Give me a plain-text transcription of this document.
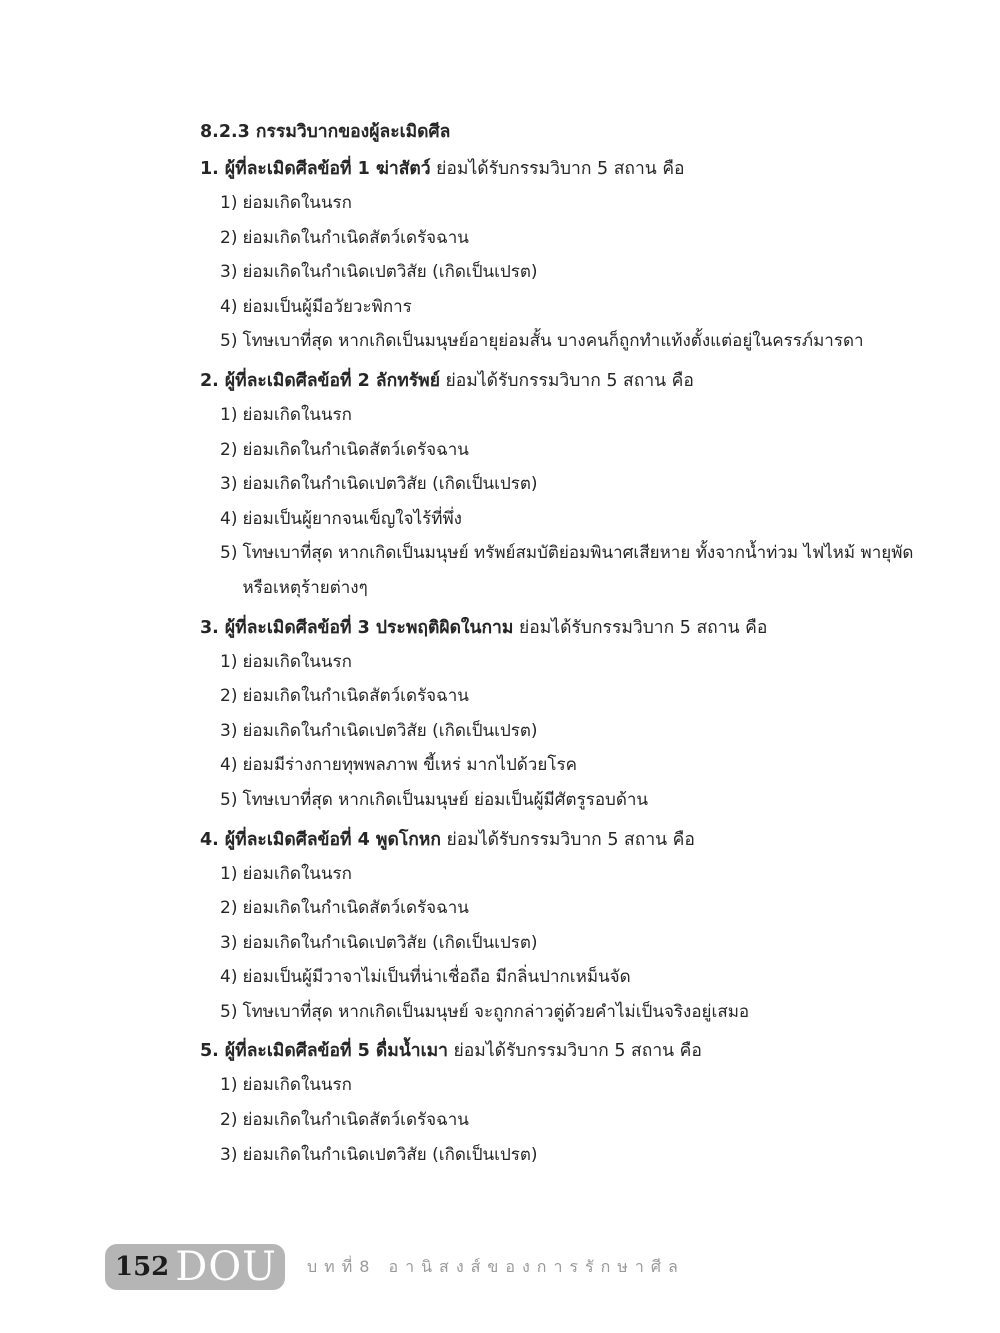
8.2.3 กรรมวิบากของผู้ละเมิดศีล
1. ผู้ที่ละเมิดศีลข้อที่ 1 ฆ่าสัตว์ ย่อมได้รับกรรมวิบาก 5 สถาน คือ
1) ย่อมเกิดในนรก
2) ย่อมเกิดในกำเนิดสัตว์เดรัจฉาน
3) ย่อมเกิดในกำเนิดเปตวิสัย (เกิดเป็นเปรต)
4) ย่อมเป็นผู้มีอวัยวะพิการ
5) โทษเบาที่สุด หากเกิดเป็นมนุษย์อายุย่อมสั้น บางคนก็ถูกทำแท้งตั้งแต่อยู่ในครรภ์มารดา
2. ผู้ที่ละเมิดศีลข้อที่ 2 ลักทรัพย์ ย่อมได้รับกรรมวิบาก 5 สถาน คือ
1) ย่อมเกิดในนรก
2) ย่อมเกิดในกำเนิดสัตว์เดรัจฉาน
3) ย่อมเกิดในกำเนิดเปตวิสัย (เกิดเป็นเปรต)
4) ย่อมเป็นผู้ยากจนเข็ญใจไร้ที่พึ่ง
5) โทษเบาที่สุด หากเกิดเป็นมนุษย์ ทรัพย์สมบัติย่อมพินาศเสียหาย ทั้งจากน้ำท่วม ไฟไหม้ พายุพัด หรือเหตุร้ายต่างๆ
3. ผู้ที่ละเมิดศีลข้อที่ 3 ประพฤติผิดในกาม ย่อมได้รับกรรมวิบาก 5 สถาน คือ
1) ย่อมเกิดในนรก
2) ย่อมเกิดในกำเนิดสัตว์เดรัจฉาน
3) ย่อมเกิดในกำเนิดเปตวิสัย (เกิดเป็นเปรต)
4) ย่อมมีร่างกายทุพพลภาพ ขี้เหร่ มากไปด้วยโรค
5) โทษเบาที่สุด หากเกิดเป็นมนุษย์ ย่อมเป็นผู้มีศัตรูรอบด้าน
4. ผู้ที่ละเมิดศีลข้อที่ 4 พูดโกหก ย่อมได้รับกรรมวิบาก 5 สถาน คือ
1) ย่อมเกิดในนรก
2) ย่อมเกิดในกำเนิดสัตว์เดรัจฉาน
3) ย่อมเกิดในกำเนิดเปตวิสัย (เกิดเป็นเปรต)
4) ย่อมเป็นผู้มีวาจาไม่เป็นที่น่าเชื่อถือ มีกลิ่นปากเหม็นจัด
5) โทษเบาที่สุด หากเกิดเป็นมนุษย์ จะถูกกล่าวตู่ด้วยคำไม่เป็นจริงอยู่เสมอ
5. ผู้ที่ละเมิดศีลข้อที่ 5 ดื่มน้ำเมา ย่อมได้รับกรรมวิบาก 5 สถาน คือ
1) ย่อมเกิดในนรก
2) ย่อมเกิดในกำเนิดสัตว์เดรัจฉาน
3) ย่อมเกิดในกำเนิดเปตวิสัย (เกิดเป็นเปรต)
152 DOU บทที่8 อานิสงส์ของการรักษาศีล
